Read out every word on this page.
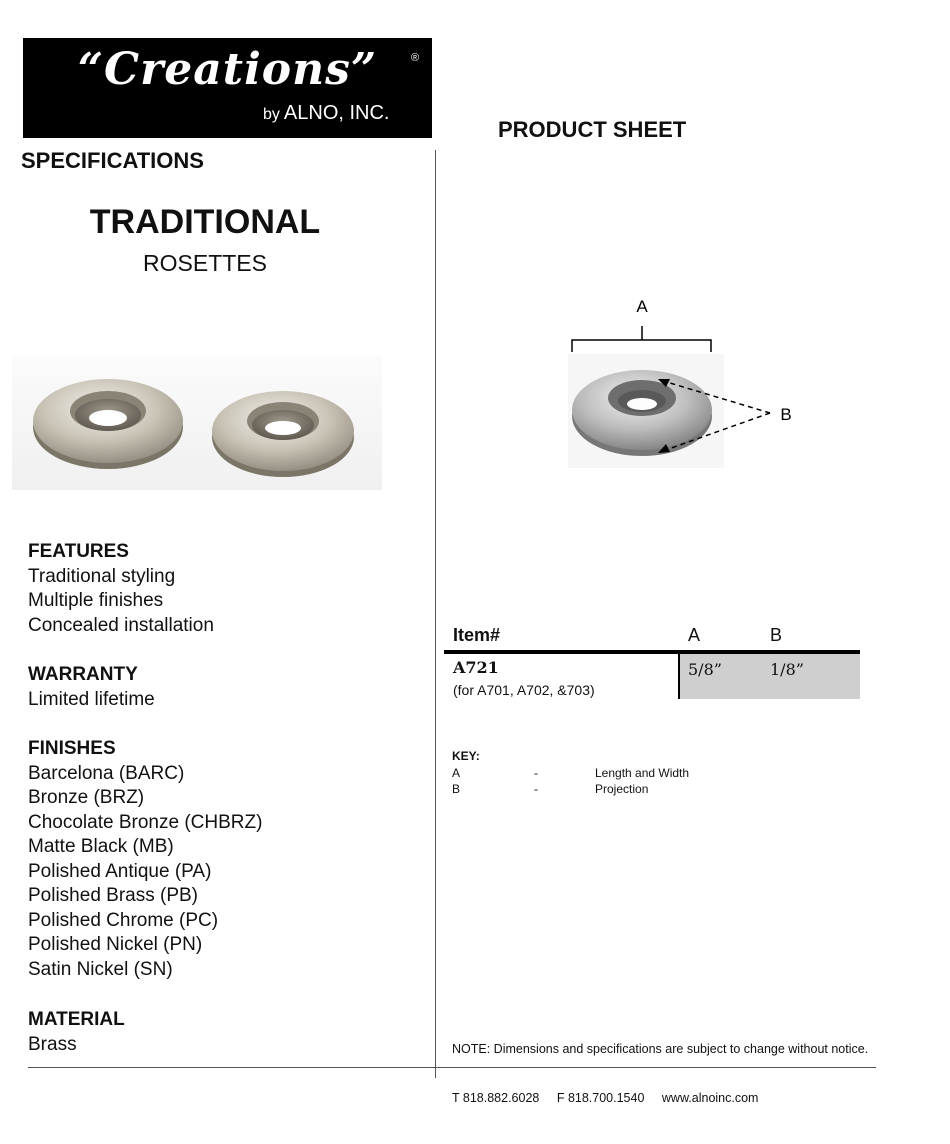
“Creations”	®
by ALNO, INC.
PRODUCT SHEET
SPECIFICATIONS
TRADITIONAL
ROSETTES
FEATURES
Traditional styling
Multiple finishes
Concealed installation
WARRANTY
Limited lifetime
FINISHES
Barcelona (BARC)
Bronze (BRZ)
Chocolate Bronze (CHBRZ)
Matte Black (MB)
Polished Antique (PA)
Polished Brass (PB)
Polished Chrome (PC)
Polished Nickel (PN)
Satin Nickel (SN)
MATERIAL
Brass
A
B
Item#	A	B
A721
(for A701, A702, &703)
5/8”	1/8”
KEY:
A	-	Length and Width
B	-	Projection
NOTE: Dimensions and specifications are subject to change without notice.
T 818.882.6028 F 818.700.1540 www.alnoinc.com
